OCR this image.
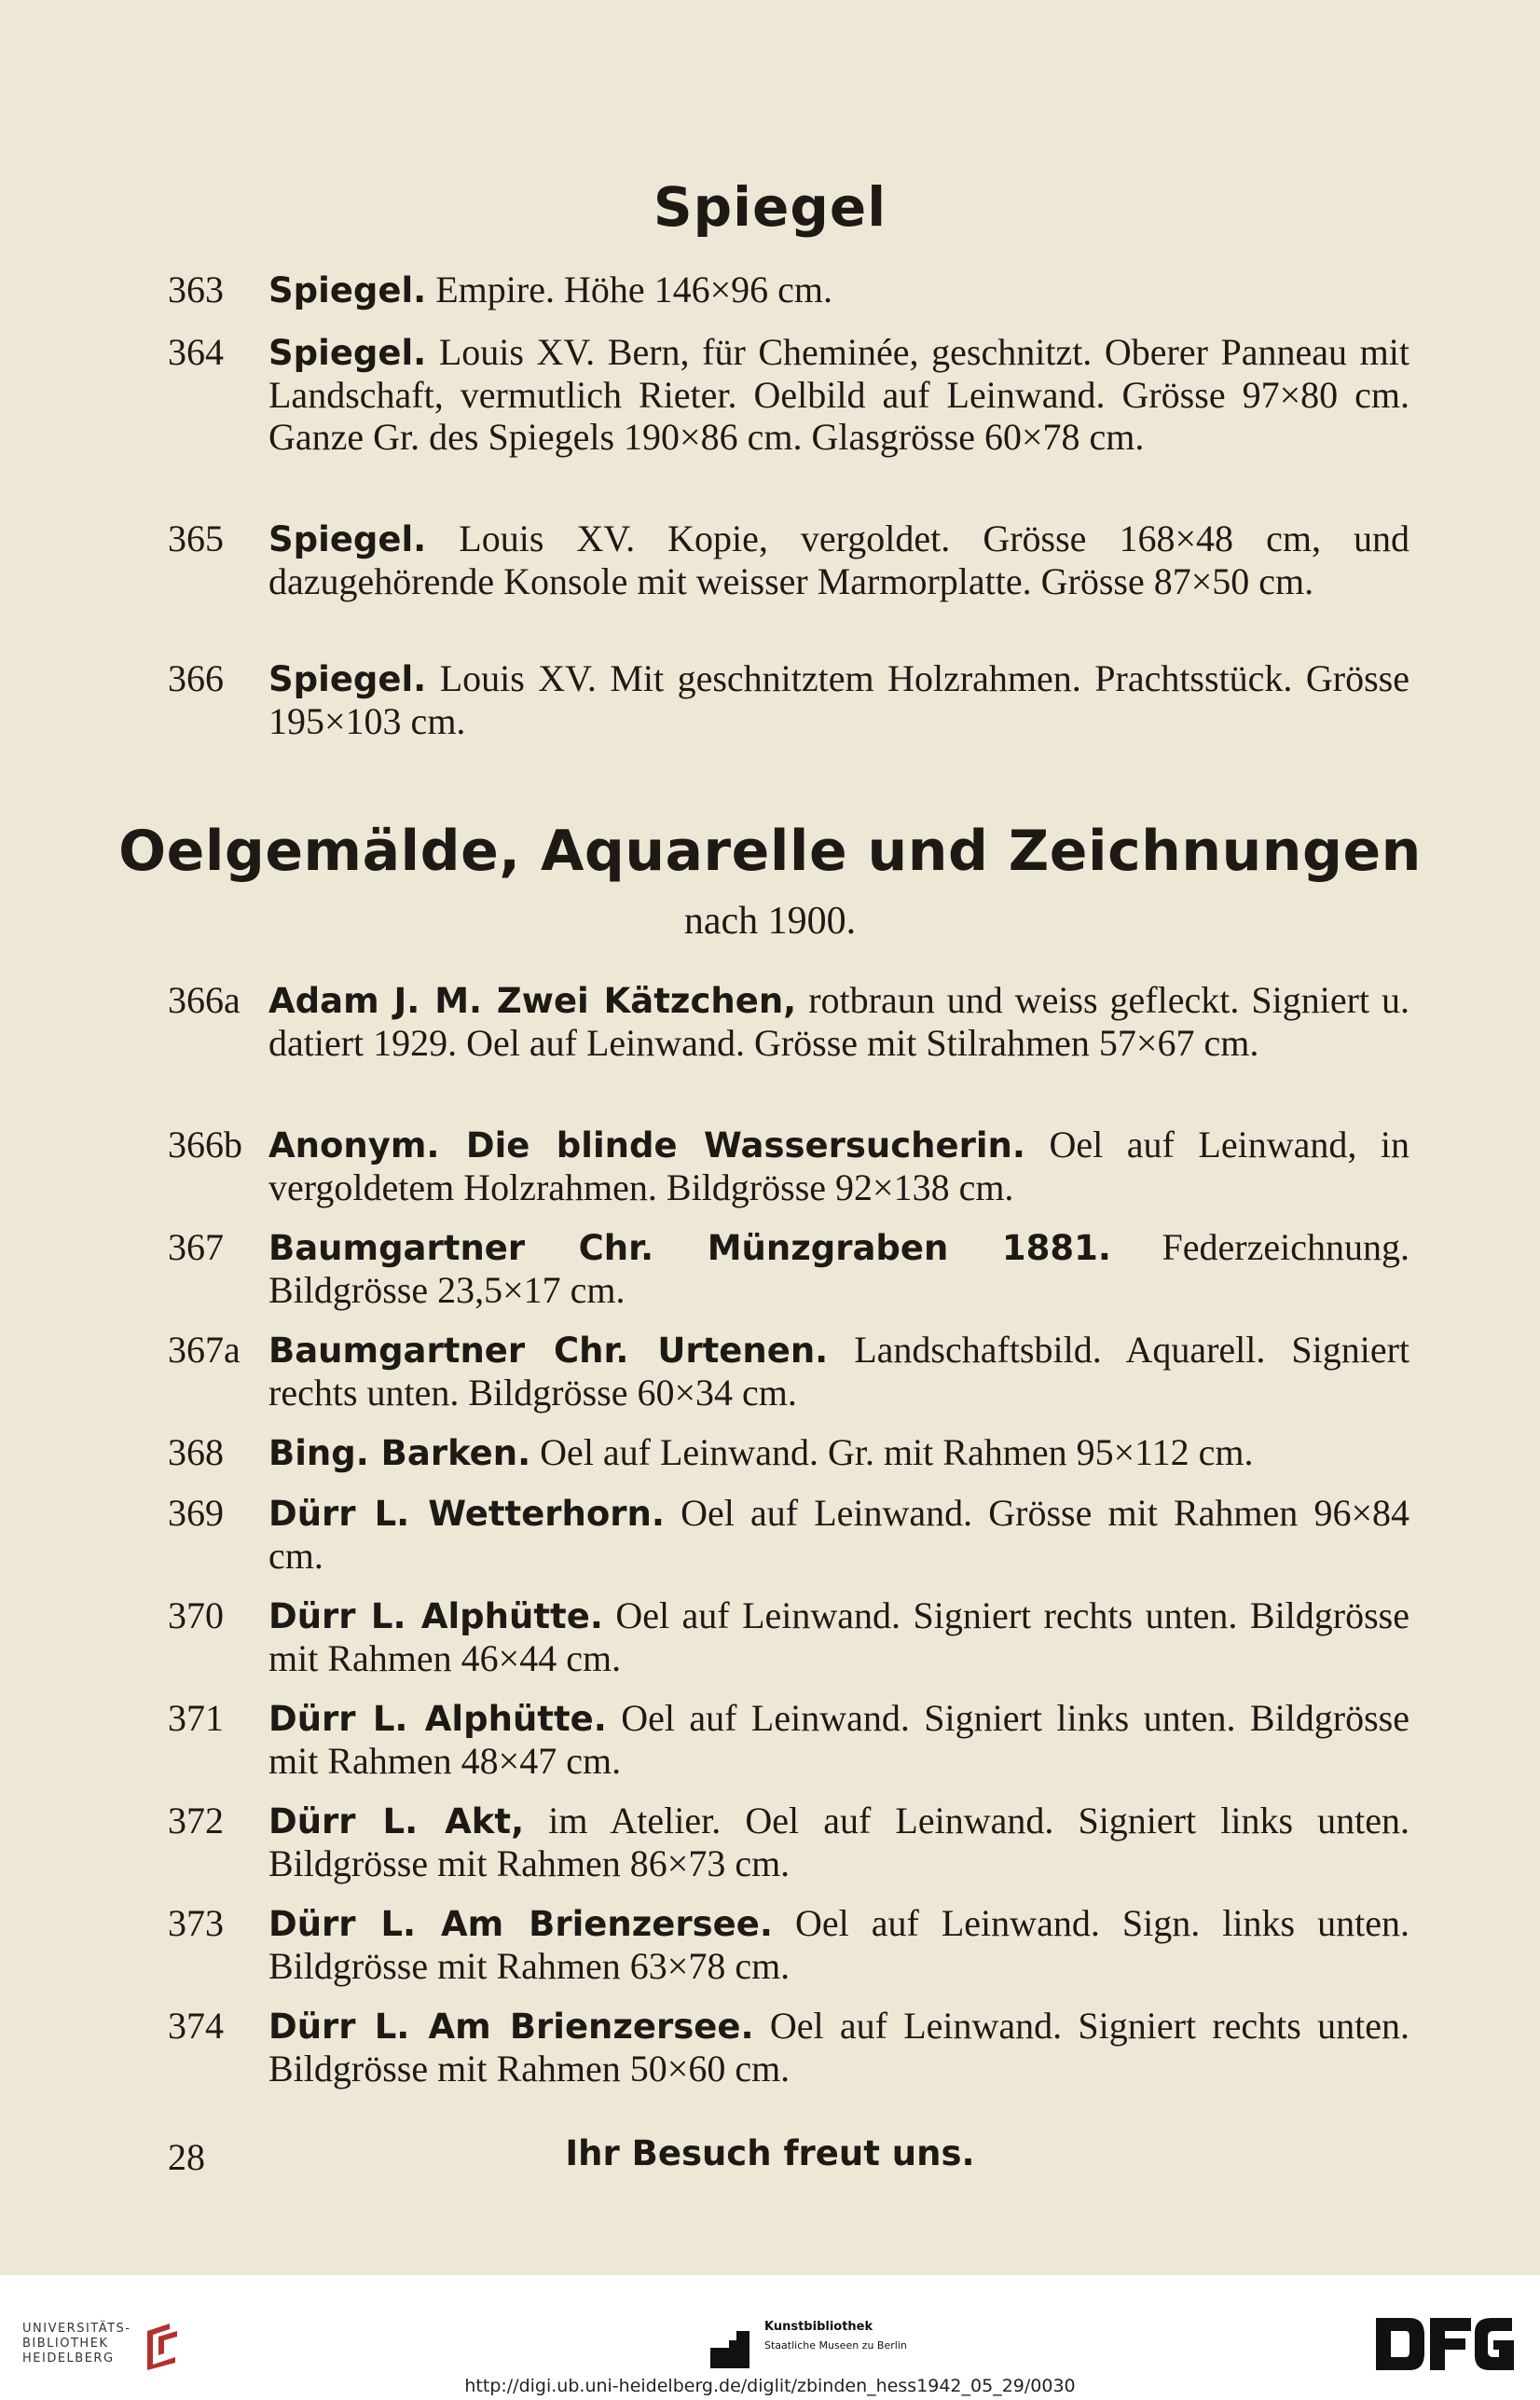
Spiegel
363	Spiegel. Empire. Höhe 146×96 cm.
364	Spiegel. Louis XV. Bern, für Cheminée, geschnitzt. Oberer Panneau mit Landschaft, vermutlich Rieter. Oelbild auf Leinwand. Grösse 97×80 cm. Ganze Gr. des Spiegels 190×86 cm. Glasgrösse 60×78 cm.
365	Spiegel. Louis XV. Kopie, vergoldet. Grösse 168×48 cm, und dazugehörende Konsole mit weisser Marmorplatte. Grösse 87×50 cm.
366	Spiegel. Louis XV. Mit geschnitztem Holzrahmen. Prachtsstück. Grösse 195×103 cm.
Oelgemälde, Aquarelle und Zeichnungen
nach 1900.
366a Adam J. M. Zwei Kätzchen, rotbraun und weiss gefleckt. Signiert u. datiert 1929. Oel auf Leinwand. Grösse mit Stilrahmen 57×67 cm.
366b Anonym. Die blinde Wassersucherin. Oel auf Leinwand, in vergoldetem Holzrahmen. Bildgrösse 92×138 cm.
367	Baumgartner Chr. Münzgraben 1881. Federzeichnung. Bildgrösse 23,5×17 cm.
367a Baumgartner Chr. Urtenen. Landschaftsbild. Aquarell. Signiert rechts unten. Bildgrösse 60×34 cm.
368	Bing. Barken. Oel auf Leinwand. Gr. mit Rahmen 95×112 cm.
369	Dürr L. Wetterhorn. Oel auf Leinwand. Grösse mit Rahmen 96×84 cm.
370	Dürr L. Alphütte. Oel auf Leinwand. Signiert rechts unten. Bildgrösse mit Rahmen 46×44 cm.
371	Dürr L. Alphütte. Oel auf Leinwand. Signiert links unten. Bildgrösse mit Rahmen 48×47 cm.
372	Dürr L. Akt, im Atelier. Oel auf Leinwand. Signiert links unten. Bildgrösse mit Rahmen 86×73 cm.
373	Dürr L. Am Brienzersee. Oel auf Leinwand. Sign. links unten. Bildgrösse mit Rahmen 63×78 cm.
374	Dürr L. Am Brienzersee. Oel auf Leinwand. Signiert rechts unten. Bildgrösse mit Rahmen 50×60 cm.
28	Ihr Besuch freut uns.
UNIVERSITÄTS-
BIBLIOTHEK
HEIDELBERG
Kunstbibliothek
Staatliche Museen zu Berlin
http://digi.ub.uni-heidelberg.de/diglit/zbinden_hess1942_05_29/0030
